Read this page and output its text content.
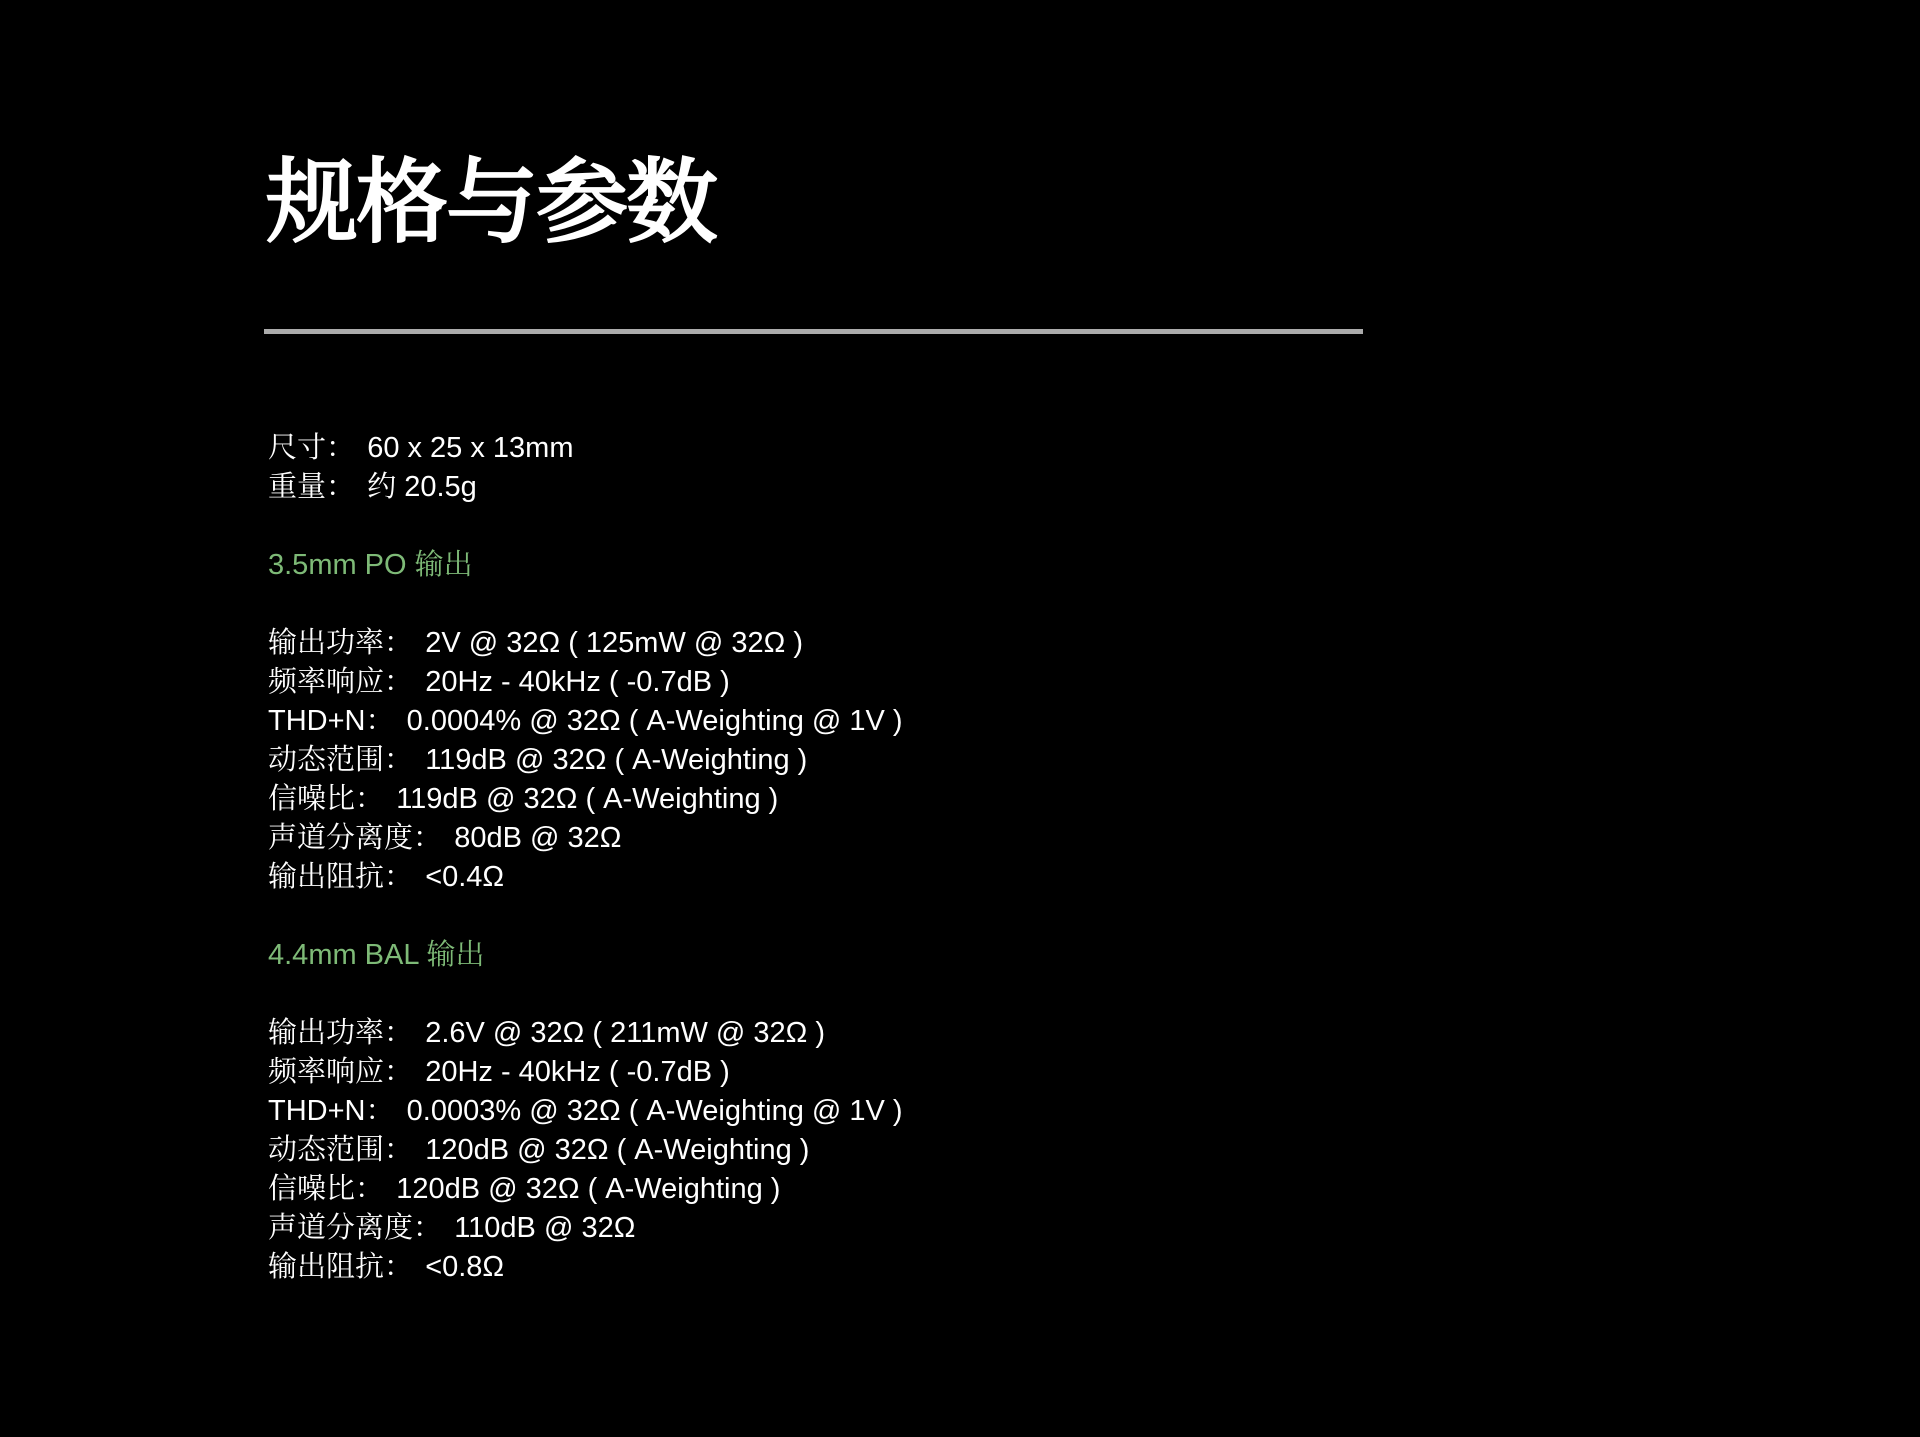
规格与参数
尺寸： 60 x 25 x 13mm
重量： 约 20.5g
3.5mm PO 输出
输出功率： 2V @ 32Ω ( 125mW @ 32Ω )
频率响应： 20Hz - 40kHz ( -0.7dB )
THD+N： 0.0004% @ 32Ω ( A-Weighting @ 1V )
动态范围： 119dB @ 32Ω ( A-Weighting )
信噪比： 119dB @ 32Ω ( A-Weighting )
声道分离度： 80dB @ 32Ω
输出阻抗： <0.4Ω
4.4mm BAL 输出
输出功率： 2.6V @ 32Ω ( 211mW @ 32Ω )
频率响应： 20Hz - 40kHz ( -0.7dB )
THD+N： 0.0003% @ 32Ω ( A-Weighting @ 1V )
动态范围： 120dB @ 32Ω ( A-Weighting )
信噪比： 120dB @ 32Ω ( A-Weighting )
声道分离度： 110dB @ 32Ω
输出阻抗： <0.8Ω
